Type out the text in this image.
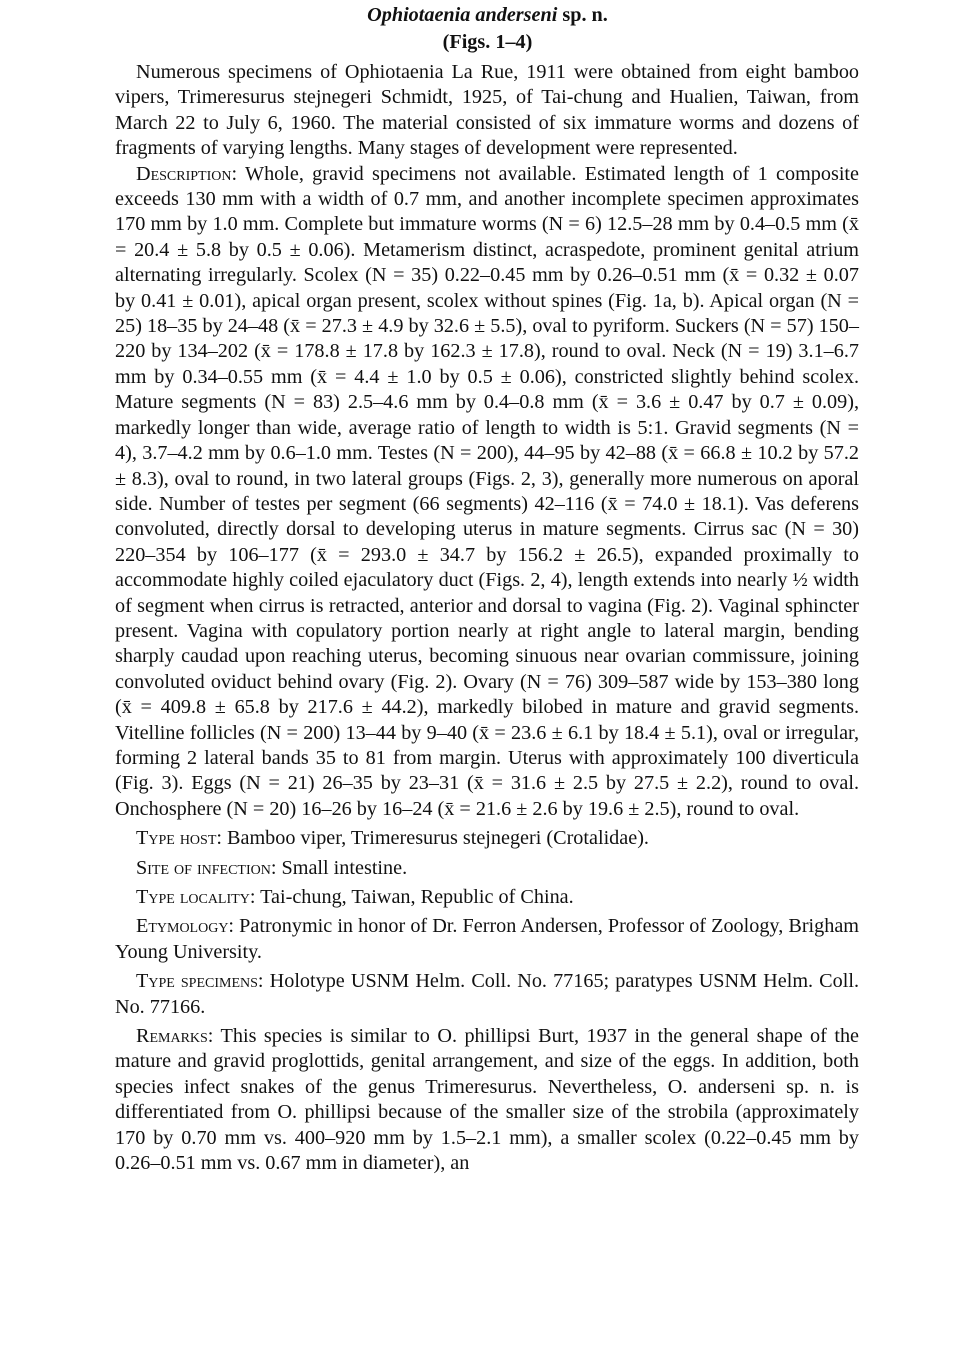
Ophiotaenia anderseni sp. n.
(Figs. 1–4)

Numerous specimens of Ophiotaenia La Rue, 1911 were obtained from eight bamboo vipers, Trimeresurus stejnegeri Schmidt, 1925, of Tai-chung and Hualien, Taiwan, from March 22 to July 6, 1960. The material consisted of six immature worms and dozens of fragments of varying lengths. Many stages of development were represented.

Description: Whole, gravid specimens not available. Estimated length of 1 composite exceeds 130 mm with a width of 0.7 mm, and another incomplete specimen approximates 170 mm by 1.0 mm. Complete but immature worms (N = 6) 12.5–28 mm by 0.4–0.5 mm (x̄ = 20.4 ± 5.8 by 0.5 ± 0.06). Metamerism distinct, acraspedote, prominent genital atrium alternating irregularly. Scolex (N = 35) 0.22–0.45 mm by 0.26–0.51 mm (x̄ = 0.32 ± 0.07 by 0.41 ± 0.01), apical organ present, scolex without spines (Fig. 1a, b). Apical organ (N = 25) 18–35 by 24–48 (x̄ = 27.3 ± 4.9 by 32.6 ± 5.5), oval to pyriform. Suckers (N = 57) 150–220 by 134–202 (x̄ = 178.8 ± 17.8 by 162.3 ± 17.8), round to oval. Neck (N = 19) 3.1–6.7 mm by 0.34–0.55 mm (x̄ = 4.4 ± 1.0 by 0.5 ± 0.06), constricted slightly behind scolex. Mature segments (N = 83) 2.5–4.6 mm by 0.4–0.8 mm (x̄ = 3.6 ± 0.47 by 0.7 ± 0.09), markedly longer than wide, average ratio of length to width is 5:1. Gravid segments (N = 4), 3.7–4.2 mm by 0.6–1.0 mm. Testes (N = 200), 44–95 by 42–88 (x̄ = 66.8 ± 10.2 by 57.2 ± 8.3), oval to round, in two lateral groups (Figs. 2, 3), generally more numerous on aporal side. Number of testes per segment (66 segments) 42–116 (x̄ = 74.0 ± 18.1). Vas deferens convoluted, directly dorsal to developing uterus in mature segments. Cirrus sac (N = 30) 220–354 by 106–177 (x̄ = 293.0 ± 34.7 by 156.2 ± 26.5), expanded proximally to accommodate highly coiled ejaculatory duct (Figs. 2, 4), length extends into nearly ½ width of segment when cirrus is retracted, anterior and dorsal to vagina (Fig. 2). Vaginal sphincter present. Vagina with copulatory portion nearly at right angle to lateral margin, bending sharply caudad upon reaching uterus, becoming sinuous near ovarian commissure, joining convoluted oviduct behind ovary (Fig. 2). Ovary (N = 76) 309–587 wide by 153–380 long (x̄ = 409.8 ± 65.8 by 217.6 ± 44.2), markedly bilobed in mature and gravid segments. Vitelline follicles (N = 200) 13–44 by 9–40 (x̄ = 23.6 ± 6.1 by 18.4 ± 5.1), oval or irregular, forming 2 lateral bands 35 to 81 from margin. Uterus with approximately 100 diverticula (Fig. 3). Eggs (N = 21) 26–35 by 23–31 (x̄ = 31.6 ± 2.5 by 27.5 ± 2.2), round to oval. Onchosphere (N = 20) 16–26 by 16–24 (x̄ = 21.6 ± 2.6 by 19.6 ± 2.5), round to oval.

Type host: Bamboo viper, Trimeresurus stejnegeri (Crotalidae).

Site of infection: Small intestine.

Type locality: Tai-chung, Taiwan, Republic of China.

Etymology: Patronymic in honor of Dr. Ferron Andersen, Professor of Zoology, Brigham Young University.

Type specimens: Holotype USNM Helm. Coll. No. 77165; paratypes USNM Helm. Coll. No. 77166.

Remarks: This species is similar to O. phillipsi Burt, 1937 in the general shape of the mature and gravid proglottids, genital arrangement, and size of the eggs. In addition, both species infect snakes of the genus Trimeresurus. Nevertheless, O. anderseni sp. n. is differentiated from O. phillipsi because of the smaller size of the strobila (approximately 170 by 0.70 mm vs. 400–920 mm by 1.5–2.1 mm), a smaller scolex (0.22–0.45 mm by 0.26–0.51 mm vs. 0.67 mm in diameter), an
